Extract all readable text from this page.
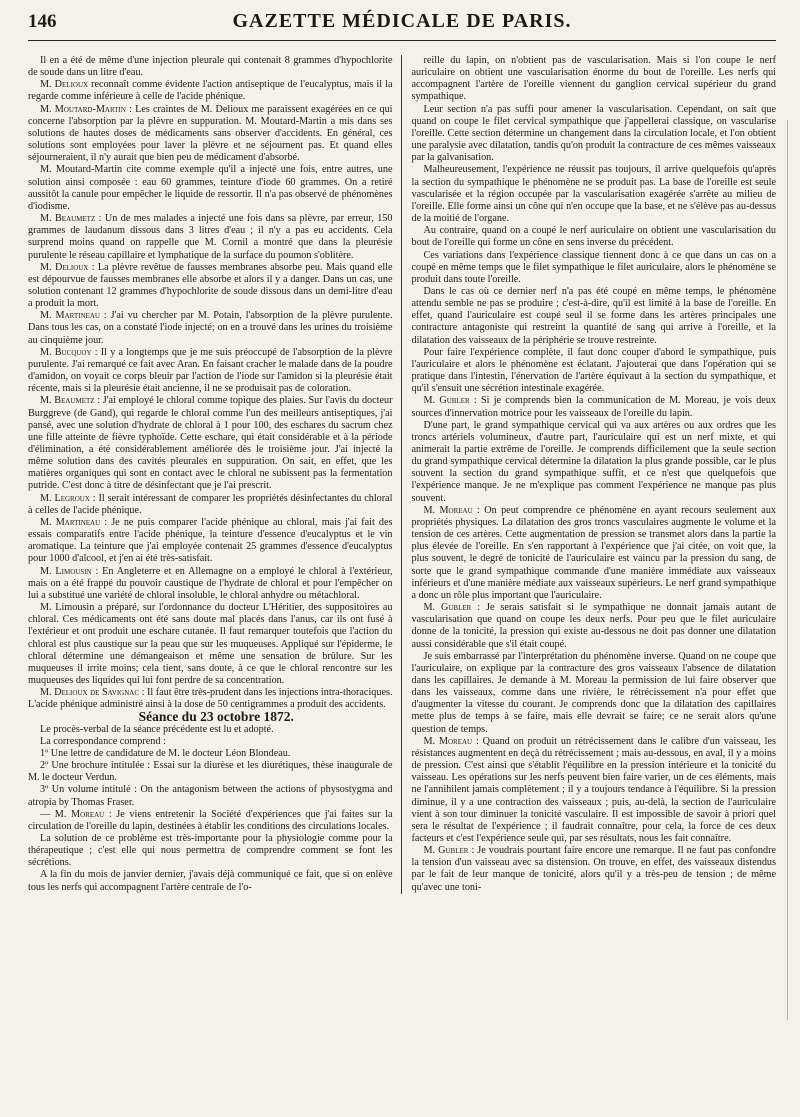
146	GAZETTE MÉDICALE DE PARIS.

Il en a été de même d'une injection pleurale qui contenait 8 grammes d'hypochlorite de soude dans un litre d'eau.

M. Delioux reconnaît comme évidente l'action antiseptique de l'eucalyptus, mais il la regarde comme inférieure à celle de l'acide phénique.

M. Moutard-Martin : Les craintes de M. Delioux me paraissent exagérées en ce qui concerne l'absorption par la plèvre en suppuration. M. Moutard-Martin a mis dans ses solutions de hautes doses de médicaments sans observer d'accidents. En général, ces solutions sont employées pour laver la plèvre et ne séjournent pas. Et quand elles séjourneraient, il n'y aurait que bien peu de médicament d'absorbé.

M. Moutard-Martin cite comme exemple qu'il a injecté une fois, entre autres, une solution ainsi composée : eau 60 grammes, teinture d'iode 60 grammes. On a retiré aussitôt la canule pour empêcher le liquide de ressortir. Il n'a pas observé de phénomènes d'iodisme.

M. Beaumetz : Un de mes malades a injecté une fois dans sa plèvre, par erreur, 150 grammes de laudanum dissous dans 3 litres d'eau ; il n'y a pas eu accidents. Cela surprend moins quand on rappelle que M. Cornil a montré que dans la pleurésie purulente le réseau capillaire et lymphatique de la surface du poumon s'oblitère.

M. Delioux : La plèvre revêtue de fausses membranes absorbe peu. Mais quand elle est dépourvue de fausses membranes elle absorbe et alors il y a danger. Dans un cas, une solution contenant 12 grammes d'hypochlorite de soude dissous dans un demi-litre d'eau a produit la mort.

M. Martineau : J'ai vu chercher par M. Potain, l'absorption de la plèvre purulente. Dans tous les cas, on a constaté l'iode injecté; on en a trouvé dans les urines du troisième au cinquième jour.

M. Bucquoy : Il y a longtemps que je me suis préoccupé de l'absorption de la plèvre purulente. J'ai remarqué ce fait avec Aran. En faisant cracher le malade dans de la poudre d'amidon, on voyait ce corps bleuir par l'action de l'iode sur l'amidon si la pleurésie était récente, mais si la pleurésie était ancienne, il ne se produisait pas de coloration.

M. Beaumetz : J'ai employé le chloral comme topique des plaies. Sur l'avis du docteur Burggreve (de Gand), qui regarde le chloral comme l'un des meilleurs antiseptiques, j'ai pansé, avec une solution d'hydrate de chloral à 1 pour 100, des eschares du sacrum chez une fille atteinte de fièvre typhoïde. Cette eschare, qui était considérable et à la période d'élimination, a été considérablement améliorée dès le troisième jour. J'ai injecté la même solution dans des cavités pleurales en suppuration. On sait, en effet, que les matières organiques qui sont en contact avec le chloral ne subissent pas la fermentation putride. C'est donc à titre de désinfectant que je l'ai prescrit.

M. Legroux : Il serait intéressant de comparer les propriétés désinfectantes du chloral à celles de l'acide phénique.

M. Martineau : Je ne puis comparer l'acide phénique au chloral, mais j'ai fait des essais comparatifs entre l'acide phénique, la teinture d'essence d'eucalyptus et le vin aromatique. La teinture que j'ai employée contenait 25 grammes d'essence d'eucalyptus pour 1000 d'alcool, et j'en ai été très-satisfait.

M. Limousin : En Angleterre et en Allemagne on a employé le chloral à l'extérieur, mais on a été frappé du pouvoir caustique de l'hydrate de chloral et pour l'empêcher on lui a substitué une variété de chloral insoluble, le chloral anhydre ou métachloral.

M. Limousin a préparé, sur l'ordonnance du docteur L'Héritier, des suppositoires au chloral. Ces médicaments ont été sans doute mal placés dans l'anus, car ils ont fusé à l'extérieur et ont produit une eschare cutanée. Il faut remarquer toutefois que l'action du chloral est plus caustique sur la peau que sur les muqueuses. Appliqué sur l'épiderme, le chloral détermine une démangeaison et même une sensation de brûlure. Sur les muqueuses il irrite moins; cela tient, sans doute, à ce que le chloral rencontre sur les muqueuses des liquides qui lui font perdre de sa concentration.

M. Delioux de Savignac : Il faut être très-prudent dans les injections intra-thoraciques. L'acide phénique administré ainsi à la dose de 50 centigrammes a produit des accidents.

Séance du 23 octobre 1872.

Le procès-verbal de la séance précédente est lu et adopté.

La correspondance comprend :

1º Une lettre de candidature de M. le docteur Léon Blondeau.

2º Une brochure intitulée : Essai sur la diurèse et les diurétiques, thèse inaugurale de M. le docteur Verdun.

3º Un volume intitulé : On the antagonism between the actions of physostygma and atropia by Thomas Fraser.

— M. Moreau : Je viens entretenir la Société d'expériences que j'ai faites sur la circulation de l'oreille du lapin, destinées à établir les conditions des circulations locales.

La solution de ce problème est très-importante pour la physiologie comme pour la thérapeutique ; c'est elle qui nous permettra de comprendre comment se font les sécrétions.

A la fin du mois de janvier dernier, j'avais déjà communiqué ce fait, que si on enlève tous les nerfs qui accompagnent l'artère centrale de l'o-

reille du lapin, on n'obtient pas de vascularisation. Mais si l'on coupe le nerf auriculaire on obtient une vascularisation énorme du bout de l'oreille. Les nerfs qui accompagnent l'artère de l'oreille viennent du ganglion cervical supérieur du grand sympathique.

Leur section n'a pas suffi pour amener la vascularisation. Cependant, on sait que quand on coupe le filet cervical sympathique que j'appellerai classique, on vascularise l'oreille. Cette section détermine un changement dans la circulation locale, et l'on obtient une paralysie avec dilatation, tandis qu'on produit la contracture de ces mêmes vaisseaux par la galvanisation.

Malheureusement, l'expérience ne réussit pas toujours, il arrive quelquefois qu'après la section du sympathique le phénomène ne se produit pas. La base de l'oreille est seule vascularisée et la région occupée par la vascularisation exagérée s'arrête au milieu de l'oreille. Elle forme ainsi un cône qui n'en occupe que la base, et ne s'élève pas au-dessus de la moitié de l'organe.

Au contraire, quand on a coupé le nerf auriculaire on obtient une vascularisation du bout de l'oreille qui forme un cône en sens inverse du précédent.

Ces variations dans l'expérience classique tiennent donc à ce que dans un cas on a coupé en même temps que le filet sympathique le filet auriculaire, alors le phénomène se produit dans toute l'oreille.

Dans le cas où ce dernier nerf n'a pas été coupé en même temps, le phénomène attendu semble ne pas se produire ; c'est-à-dire, qu'il est limité à la base de l'oreille. En effet, quand l'auriculaire est coupé seul il se forme dans les artères principales une contracture antagoniste qui restreint la quantité de sang qui arrive à l'oreille, et la dilatation des vaisseaux de la périphérie se trouve restreinte.

Pour faire l'expérience complète, il faut donc couper d'abord le sympathique, puis l'auriculaire et alors le phénomène est éclatant. J'ajouterai que dans l'opération qui se pratique dans l'intestin, l'énervation de l'artère équivaut à la section du sympathique, et qu'il s'ensuit une sécrétion intestinale exagérée.

M. Gubler : Si je comprends bien la communication de M. Moreau, je vois deux sources d'innervation motrice pour les vaisseaux de l'oreille du lapin.

D'une part, le grand sympathique cervical qui va aux artères ou aux ordres que les troncs artériels volumineux, d'autre part, l'auriculaire qui est un nerf mixte, et qui animerait la partie extrême de l'oreille. Je comprends difficilement que la seule section du grand sympathique cervical détermine la dilatation la plus grande possible, car le plus souvent la section du grand sympathique suffit, et ce n'est que quelquefois que l'expérience manque. Je ne m'explique pas comment l'expérience ne manque pas plus souvent.

M. Moreau : On peut comprendre ce phénomène en ayant recours seulement aux propriétés physiques. La dilatation des gros troncs vasculaires augmente le volume et la tension de ces artères. Cette augmentation de pression se transmet alors dans la partie la plus élevée de l'oreille. En s'en rapportant à l'expérience que j'ai citée, on voit que, la plus souvent, le degré de tonicité de l'auriculaire est vaincu par la pression du sang, de sorte que le grand sympathique commande d'une manière immédiate aux vaisseaux inférieurs et d'une manière médiate aux vaisseaux supérieurs. Le nerf grand sympathique a donc un rôle plus important que l'auriculaire.

M. Gubler : Je serais satisfait si le sympathique ne donnait jamais autant de vascularisation que quand on coupe les deux nerfs. Pour peu que le filet auriculaire donne de la tonicité, la pression qui existe au-dessous ne doit pas donner une dilatation aussi considérable que s'il était coupé.

Je suis embarrassé par l'interprétation du phénomène inverse. Quand on ne coupe que l'auriculaire, on explique par la contracture des gros vaisseaux l'absence de dilatation dans les capillaires. Je demande à M. Moreau la permission de lui faire observer que dans les vaisseaux, comme dans une rivière, le rétrécissement n'a pour effet que d'augmenter la vitesse du courant. Je comprends donc que la dilatation des capillaires mette plus de temps à se faire, mais elle devrait se faire; ce ne serait alors qu'une question de temps.

M. Moreau : Quand on produit un rétrécissement dans le calibre d'un vaisseau, les résistances augmentent en deçà du rétrécissement ; mais au-dessous, en aval, il y a moins de pression. C'est ainsi que s'établit l'équilibre en la pression intérieure et la tonicité du vaisseau. Les opérations sur les nerfs peuvent bien faire varier, un de ces éléments, mais ne l'annihilent jamais complètement ; il y a toujours tendance à l'équilibre. Si la pression diminue, il y a une contraction des vaisseaux ; puis, au-delà, la section de l'auriculaire vient à son tour diminuer la tonicité vasculaire. Il est impossible de savoir à priori quel sera le résultat de l'expérience ; il faudrait connaître, pour cela, la force de ces deux facteurs et c'est l'expérience seule qui, par ses résultats, nous les fait connaître.

M. Gubler : Je voudrais pourtant faire encore une remarque. Il ne faut pas confondre la tension d'un vaisseau avec sa distension. On trouve, en effet, des vaisseaux distendus par le fait de leur manque de tonicité, alors qu'il y a très-peu de tension ; de même qu'avec une toni-
